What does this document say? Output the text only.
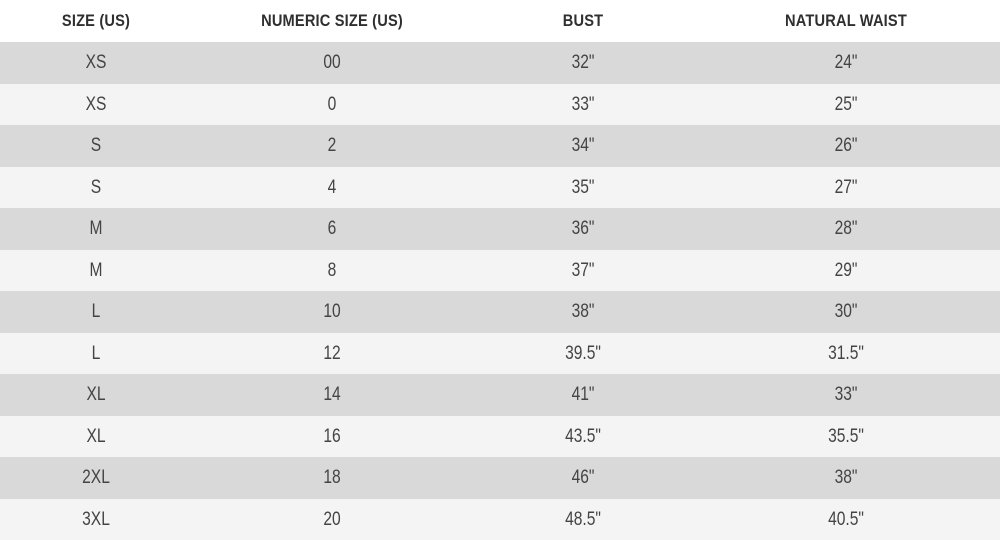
SIZE (US)	NUMERIC SIZE (US)	BUST	NATURAL WAIST
XS	00	32"	24"
XS	0	33"	25"
S	2	34"	26"
S	4	35"	27"
M	6	36"	28"
M	8	37"	29"
L	10	38"	30"
L	12	39.5"	31.5"
XL	14	41"	33"
XL	16	43.5"	35.5"
2XL	18	46"	38"
3XL	20	48.5"	40.5"
